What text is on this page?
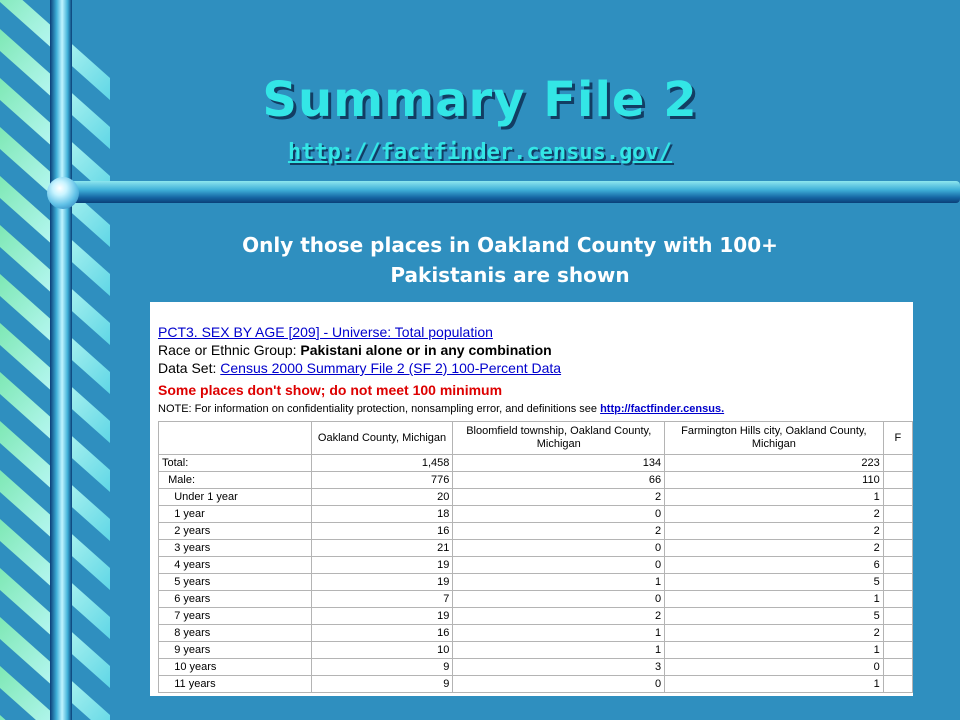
Summary File 2
http://factfinder.census.gov/
Only those places in Oakland County with 100+
Pakistanis are shown
PCT3. SEX BY AGE [209] - Universe: Total population
Race or Ethnic Group: Pakistani alone or in any combination
Data Set: Census 2000 Summary File 2 (SF 2) 100-Percent Data
Some places don't show; do not meet 100 minimum
NOTE: For information on confidentiality protection, nonsampling error, and definitions see http://factfinder.census.
	Oakland County, Michigan	Bloomfield township, Oakland County, Michigan	Farmington Hills city, Oakland County, Michigan	F
Total:	1,458	134	223	
Male:	776	66	110	
Under 1 year	20	2	1	
1 year	18	0	2	
2 years	16	2	2	
3 years	21	0	2	
4 years	19	0	6	
5 years	19	1	5	
6 years	7	0	1	
7 years	19	2	5	
8 years	16	1	2	
9 years	10	1	1	
10 years	9	3	0	
11 years	9	0	1	
